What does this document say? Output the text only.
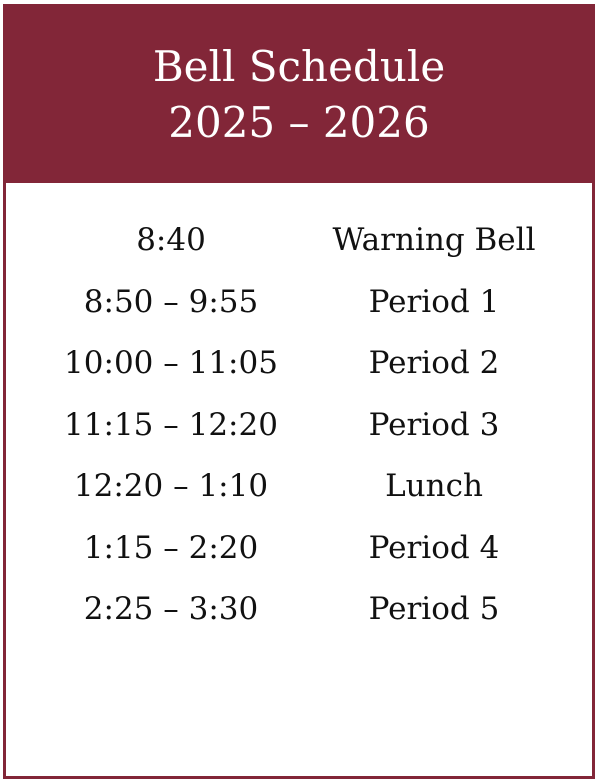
Bell Schedule
2025 – 2026
8:40	Warning Bell
8:50 – 9:55	Period 1
10:00 – 11:05	Period 2
11:15 – 12:20	Period 3
12:20 – 1:10	Lunch
1:15 – 2:20	Period 4
2:25 – 3:30	Period 5
